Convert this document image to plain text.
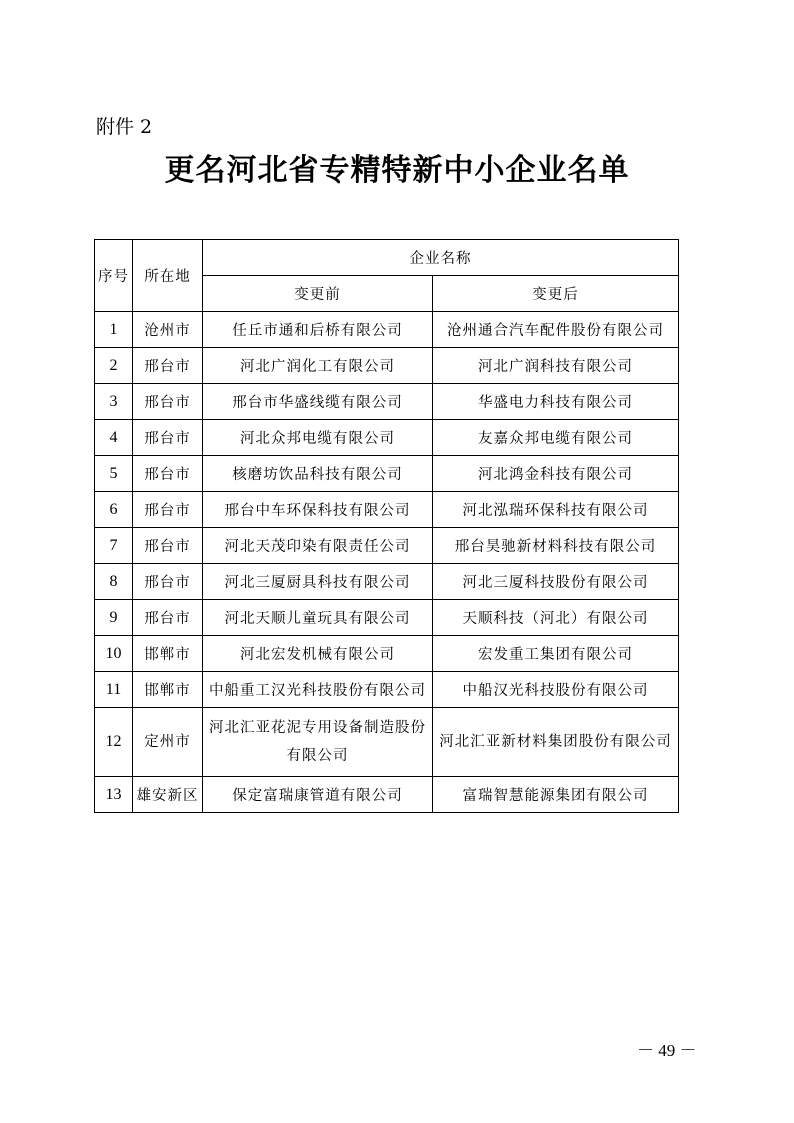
附件 2
更名河北省专精特新中小企业名单
序号	所在地	企业名称	
		变更前	变更后
1	沧州市	任丘市通和后桥有限公司	沧州通合汽车配件股份有限公司
2	邢台市	河北广润化工有限公司	河北广润科技有限公司
3	邢台市	邢台市华盛线缆有限公司	华盛电力科技有限公司
4	邢台市	河北众邦电缆有限公司	友嘉众邦电缆有限公司
5	邢台市	核磨坊饮品科技有限公司	河北鸿金科技有限公司
6	邢台市	邢台中车环保科技有限公司	河北泓瑞环保科技有限公司
7	邢台市	河北天茂印染有限责任公司	邢台昊驰新材料科技有限公司
8	邢台市	河北三厦厨具科技有限公司	河北三厦科技股份有限公司
9	邢台市	河北天顺儿童玩具有限公司	天顺科技（河北）有限公司
10	邯郸市	河北宏发机械有限公司	宏发重工集团有限公司
11	邯郸市	中船重工汉光科技股份有限公司	中船汉光科技股份有限公司
12	定州市	河北汇亚花泥专用设备制造股份有限公司	河北汇亚新材料集团股份有限公司
13	雄安新区	保定富瑞康管道有限公司	富瑞智慧能源集团有限公司
－ 49 －
